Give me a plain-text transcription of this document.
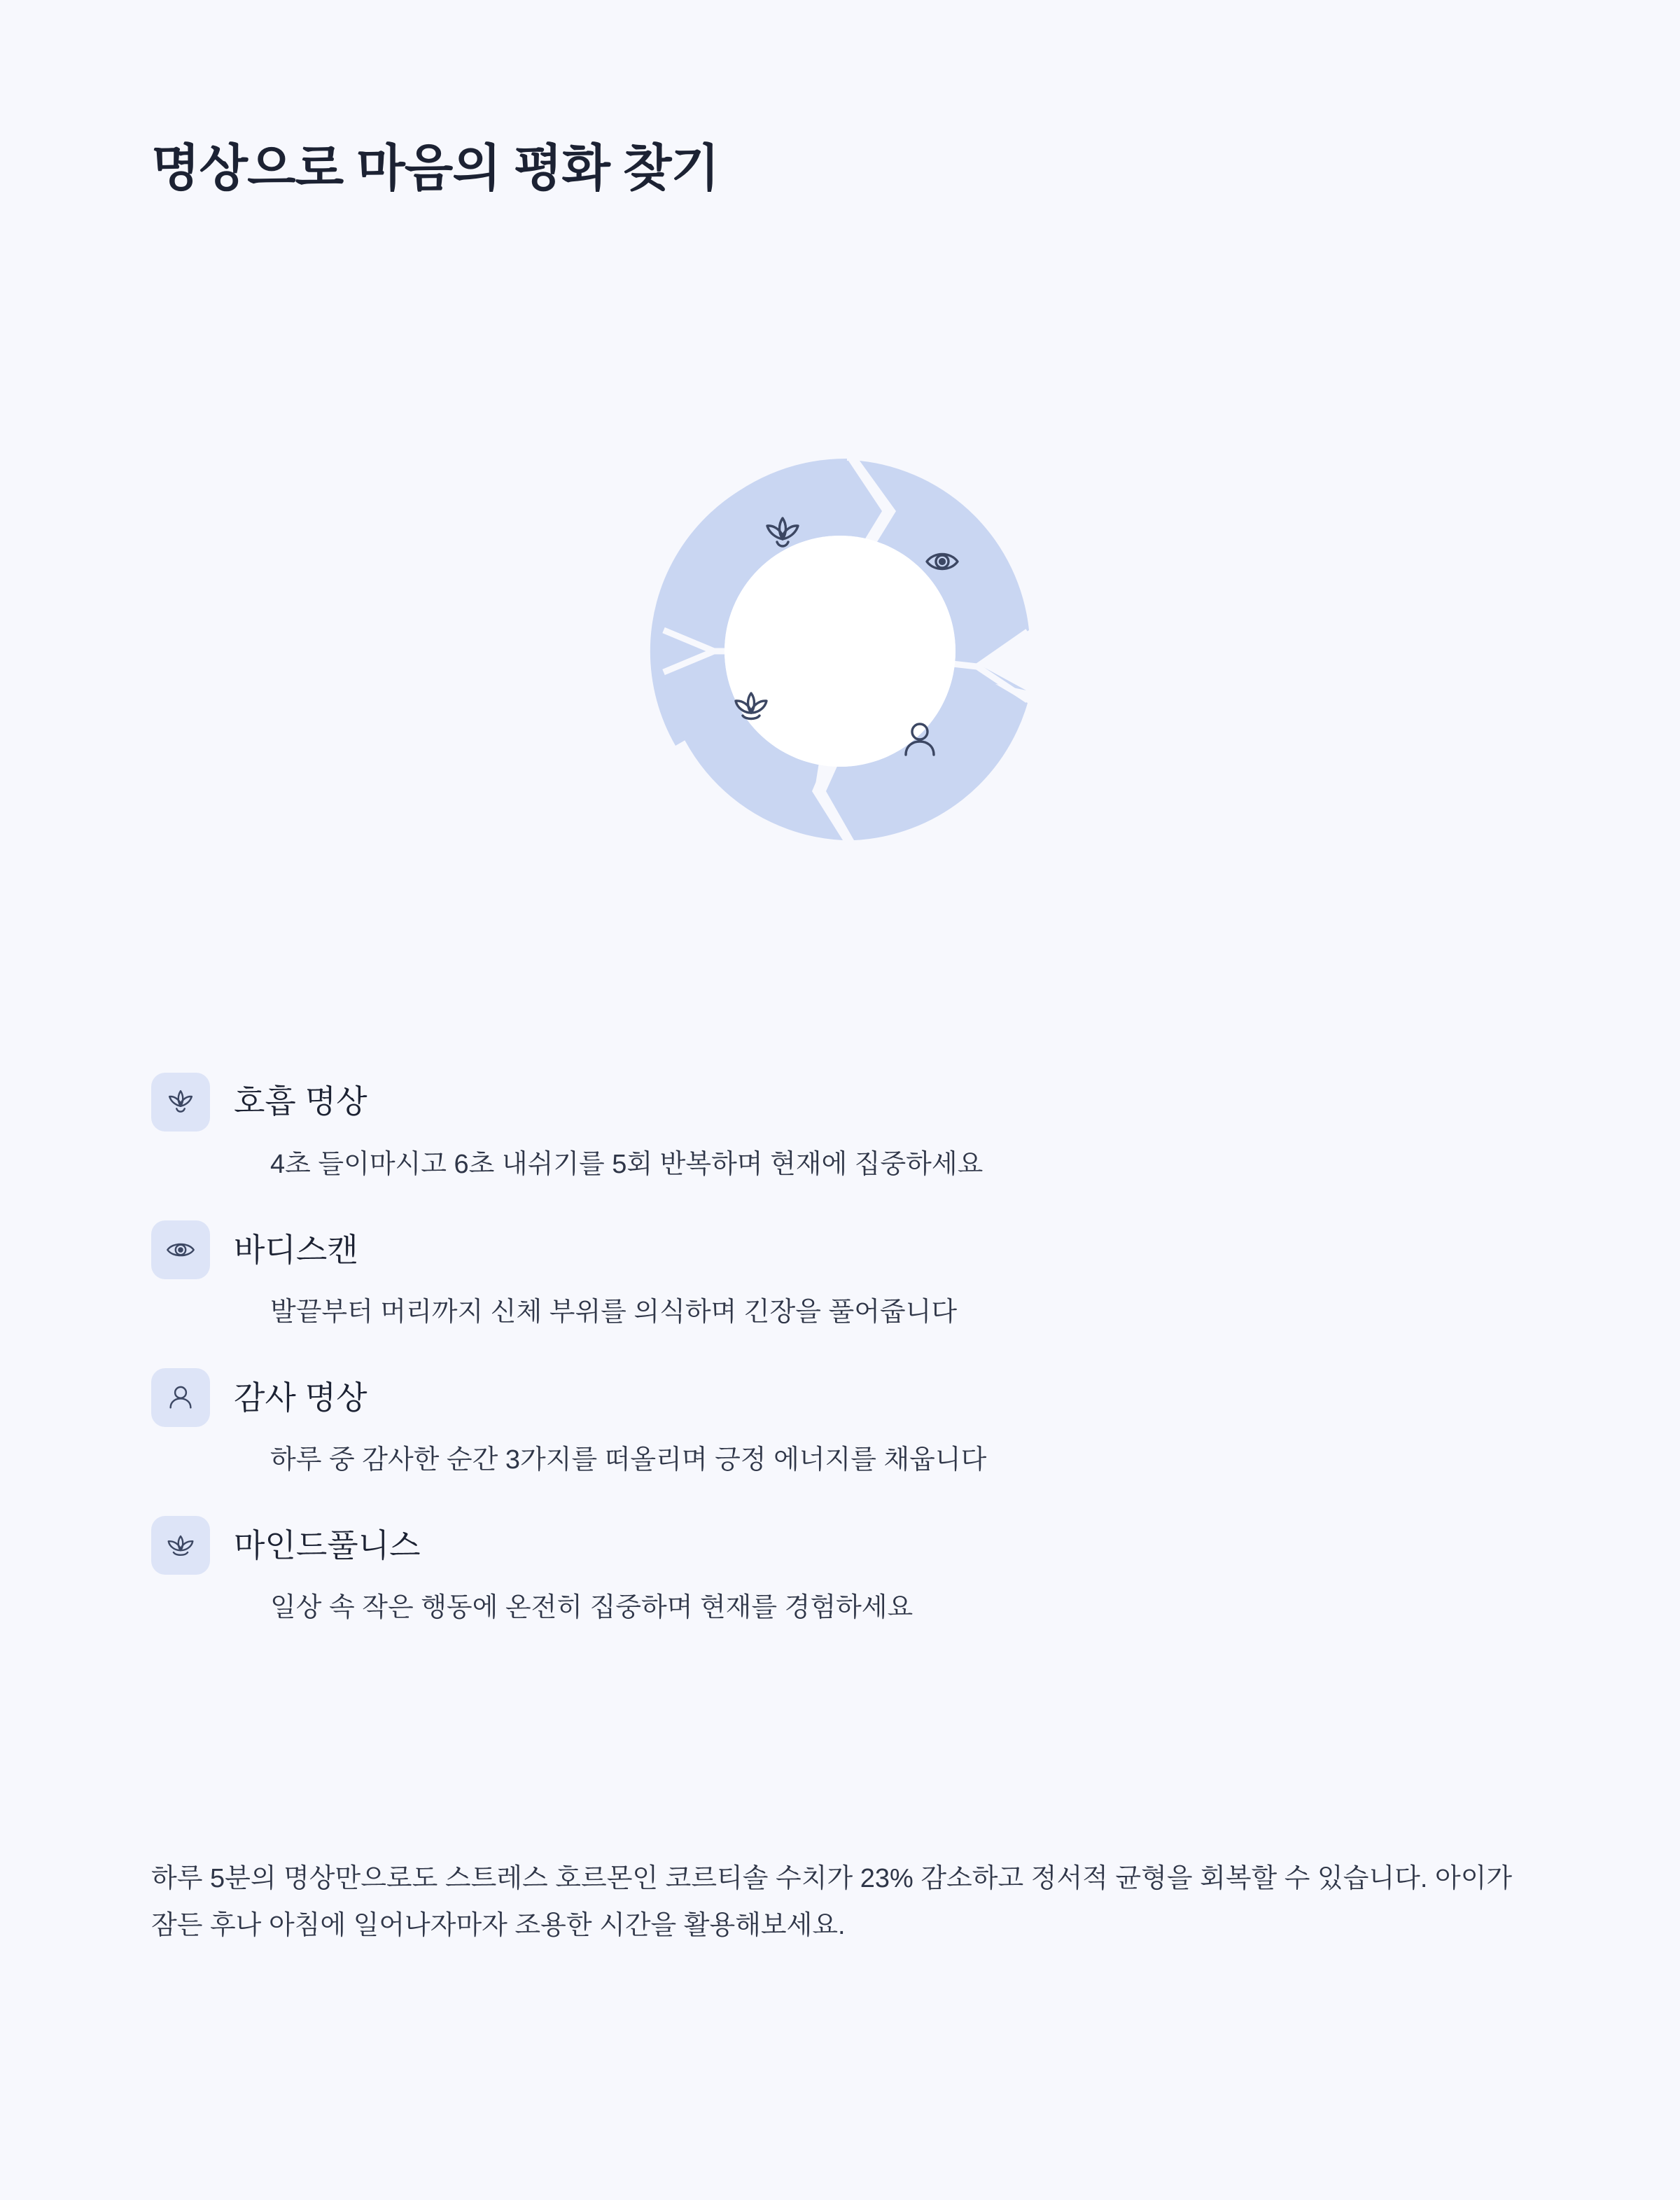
명상으로 마음의 평화 찾기
호흡 명상
4초 들이마시고 6초 내쉬기를 5회 반복하며 현재에 집중하세요
바디스캔
발끝부터 머리까지 신체 부위를 의식하며 긴장을 풀어줍니다
감사 명상
하루 중 감사한 순간 3가지를 떠올리며 긍정 에너지를 채웁니다
마인드풀니스
일상 속 작은 행동에 온전히 집중하며 현재를 경험하세요

하루 5분의 명상만으로도 스트레스 호르몬인 코르티솔 수치가 23% 감소하고 정서적 균형을 회복할 수 있습니다. 아이가 잠든 후나 아침에 일어나자마자 조용한 시간을 활용해보세요.
